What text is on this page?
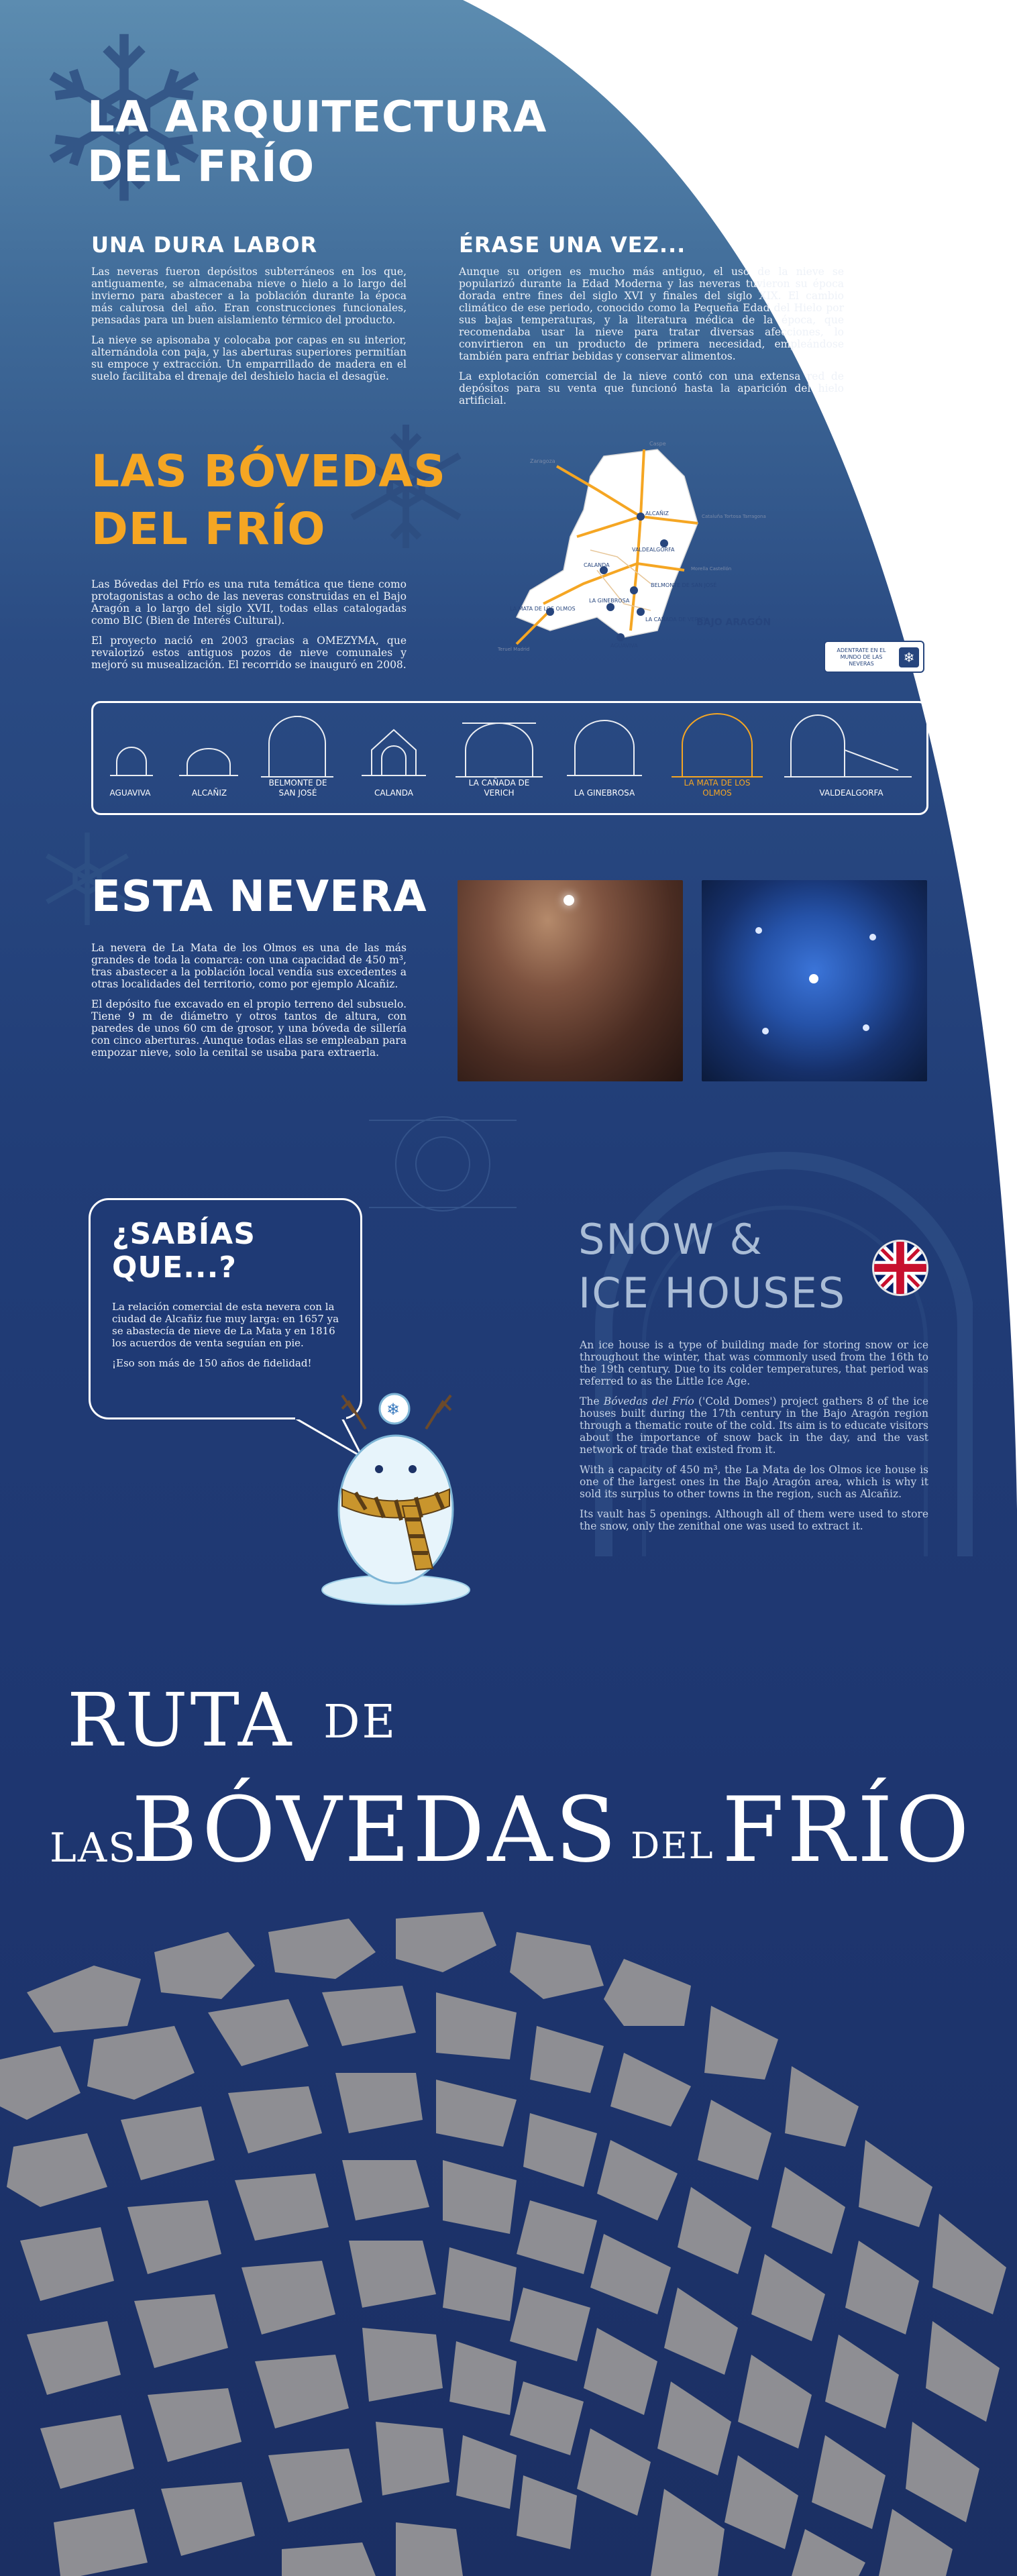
LA ARQUITECTURA
DEL FRÍO
UNA DURA LABOR

Las neveras fueron depósitos subterráneos en los que, antiguamente, se almacenaba nieve o hielo a lo largo del invierno para abastecer a la población durante la época más calurosa del año. Eran construcciones funcionales, pensadas para un buen aislamiento térmico del producto.

La nieve se apisonaba y colocaba por capas en su interior, alternándola con paja, y las aberturas superiores permitían su empoce y extracción. Un emparrillado de madera en el suelo facilitaba el drenaje del deshielo hacia el desagüe.

ÉRASE UNA VEZ...

Aunque su origen es mucho más antiguo, el uso de la nieve se popularizó durante la Edad Moderna y las neveras tuvieron su época dorada entre fines del siglo XVI y finales del siglo XIX. El cambio climático de ese periodo, conocido como la Pequeña Edad del Hielo por sus bajas temperaturas, y la literatura médica de la época, que recomendaba usar la nieve para tratar diversas afecciones, lo convirtieron en un producto de primera necesidad, empleándose también para enfriar bebidas y conservar alimentos.

La explotación comercial de la nieve contó con una extensa red de depósitos para su venta que funcionó hasta la aparición del hielo artificial.

LAS BÓVEDAS
DEL FRÍO

Las Bóvedas del Frío es una ruta temática que tiene como protagonistas a ocho de las neveras construidas en el Bajo Aragón a lo largo del siglo XVII, todas ellas catalogadas como BIC (Bien de Interés Cultural).

El proyecto nació en 2003 gracias a OMEZYMA, que revalorizó estos antiguos pozos de nieve comunales y mejoró su musealización. El recorrido se inauguró en 2008.

ALCAÑIZ
VALDEALGORFA
CALANDA
BELMONTE DE SAN JOSÉ
LA GINEBROSA
LA MATA DE LOS OLMOS
LA CAÑADA DE VERICH
AGUAVIVA
Caspe
Zaragoza
Cataluña Tortosa Tarragona
Morella Castellón
Teruel Madrid
BAJO ARAGÓN
ADENTRATE EN EL MUNDO DE LAS NEVERAS	❄
AGUAVIVA	ALCAÑIZ
BELMONTE DE SAN JOSÉ	CALANDA
LA CAÑADA DE VERICH	LA GINEBROSA
LA MATA DE LOS OLMOS	VALDEALGORFA
ESTA NEVERA

La nevera de La Mata de los Olmos es una de las más grandes de toda la comarca: con una capacidad de 450 m³, tras abastecer a la población local vendía sus excedentes a otras localidades del territorio, como por ejemplo Alcañiz.

El depósito fue excavado en el propio terreno del subsuelo. Tiene 9 m de diámetro y otros tantos de altura, con paredes de unos 60 cm de grosor, y una bóveda de sillería con cinco aberturas. Aunque todas ellas se empleaban para empozar nieve, solo la cenital se usaba para extraerla.

¿SABÍAS
QUE...?

La relación comercial de esta nevera con la ciudad de Alcañiz fue muy larga: en 1657 ya se abastecía de nieve de La Mata y en 1816 los acuerdos de venta seguían en pie.

¡Eso son más de 150 años de fidelidad!

❄
SNOW &
ICE HOUSES

An ice house is a type of building made for storing snow or ice throughout the winter, that was commonly used from the 16th to the 19th century. Due to its colder temperatures, that period was referred to as the Little Ice Age.

The Bóvedas del Frío ('Cold Domes') project gathers 8 of the ice houses built during the 17th century in the Bajo Aragón region through a thematic route of the cold. Its aim is to educate visitors about the importance of snow back in the day, and the vast network of trade that existed from it.

With a capacity of 450 m³, the La Mata de los Olmos ice house is one of the largest ones in the Bajo Aragón area, which is why it sold its surplus to other towns in the region, such as Alcañiz.

Its vault has 5 openings. Although all of them were used to store the snow, only the zenithal one was used to extract it.

RUTA DE
LAS
BÓVEDAS DEL FRÍO
